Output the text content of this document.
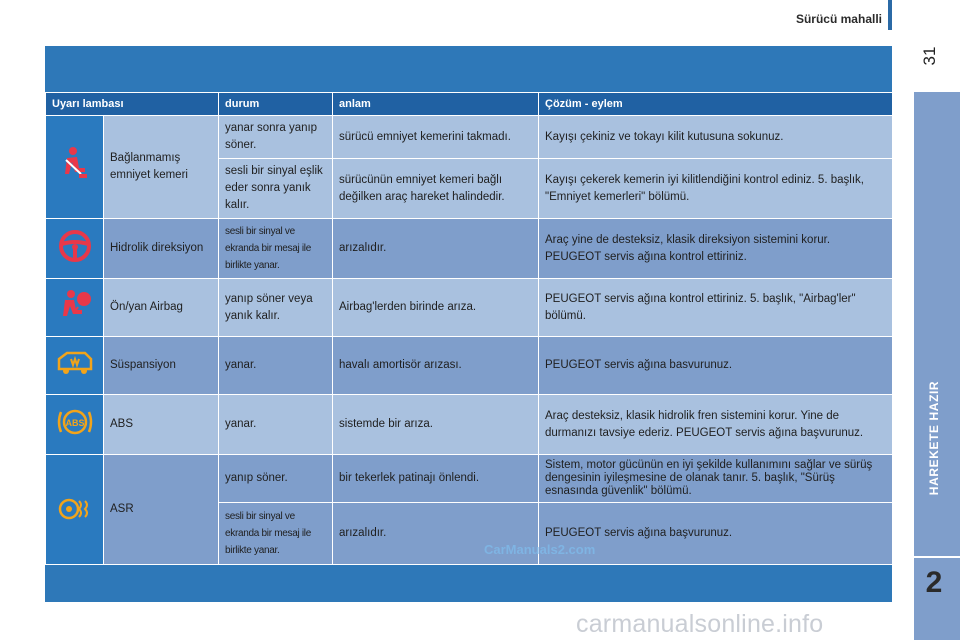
Sürücü mahalli
31
HAREKETE HAZIR
2
Uyarı lambası		durum	anlam	Çözüm - eylem
	Bağlanmamış emniyet kemeri	yanar sonra yanıp söner.	sürücü emniyet kemerini takmadı.	Kayışı çekiniz ve tokayı kilit kutusuna sokunuz.
		sesli bir sinyal eşlik eder sonra yanık kalır.	sürücünün emniyet kemeri bağlı değilken araç hareket halindedir.	Kayışı çekerek kemerin iyi kilitlendiğini kontrol ediniz. 5. başlık, "Emniyet kemerleri" bölümü.
	Hidrolik direksiyon	sesli bir sinyal ve ekranda bir mesaj ile birlikte yanar.	arızalıdır.	Araç yine de desteksiz, klasik direksiyon sistemini korur. PEUGEOT servis ağına kontrol ettiriniz.
	Ön/yan Airbag	yanıp söner veya yanık kalır.	Airbag'lerden birinde arıza.	PEUGEOT servis ağına kontrol ettiriniz. 5. başlık, "Airbag'ler" bölümü.
	Süspansiyon	yanar.	havalı amortisör arızası.	PEUGEOT servis ağına basvurunuz.

ABS	ABS	yanar.	sistemde bir arıza.	Araç desteksiz, klasik hidrolik fren sistemini korur. Yine de durmanızı tavsiye ederiz. PEUGEOT servis ağına başvurunuz.
	ASR	yanıp söner.	bir tekerlek patinajı önlendi.	Sistem, motor gücünün en iyi şekilde kullanımını sağlar ve sürüş dengesinin iyileşmesine de olanak tanır. 5. başlık, "Sürüş esnasında güvenlik" bölümü.
		sesli bir sinyal ve ekranda bir mesaj ile birlikte yanar.	arızalıdır.	PEUGEOT servis ağına başvurunuz.
CarManuals2.com
carmanualsonline.info
